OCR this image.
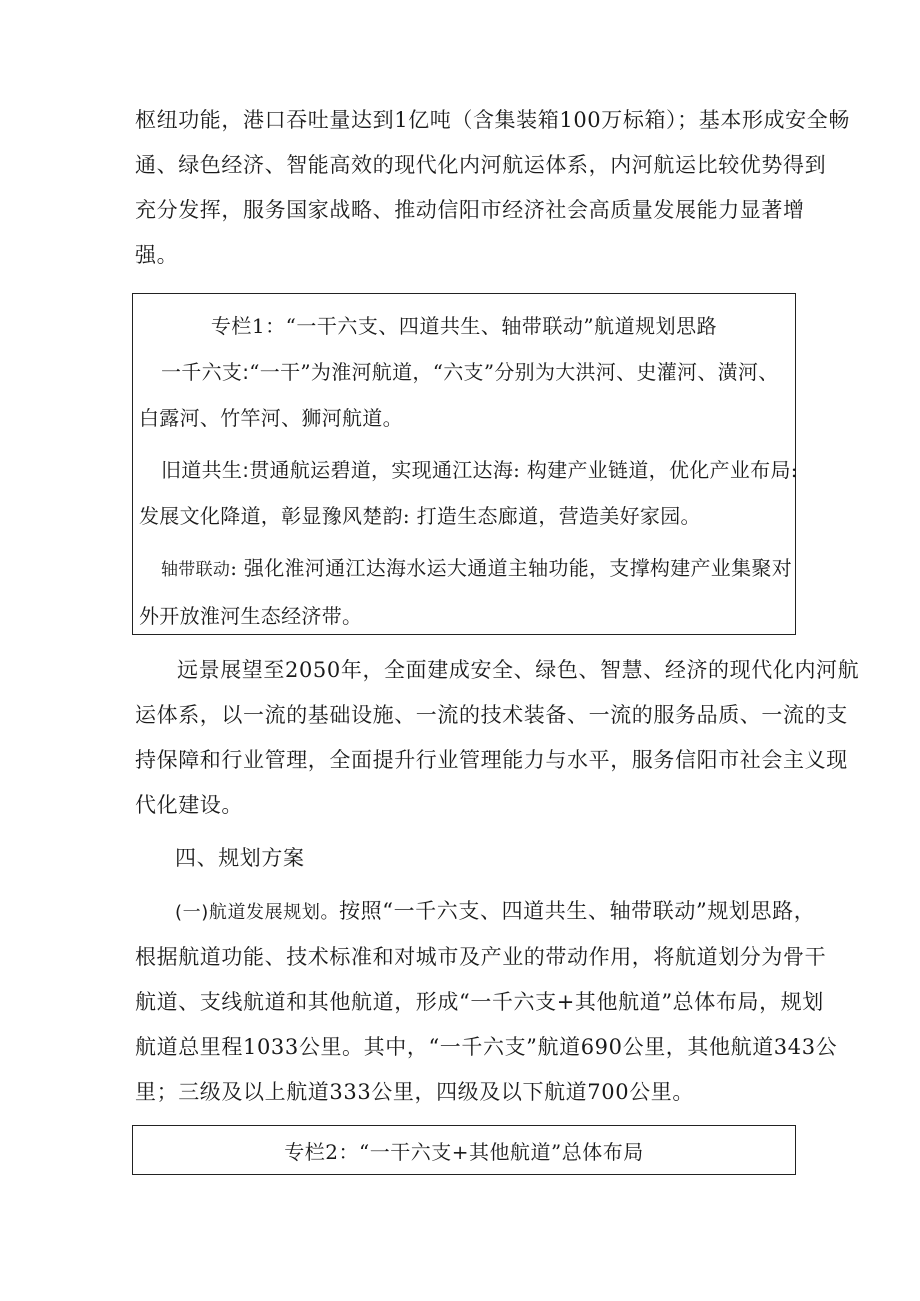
枢纽功能，港口吞吐量达到1亿吨（含集装箱100万标箱）；基本形成安全畅
通、绿色经济、智能高效的现代化内河航运体系，内河航运比较优势得到
充分发挥，服务国家战略、推动信阳市经济社会高质量发展能力显著增
强。
专栏1：“一干六支、四道共生、轴带联动”航道规划思路
一千六支:“一干”为淮河航道，“六支”分别为大洪河、史灌河、潢河、
白露河、竹竿河、狮河航道。
旧道共生:贯通航运碧道，实现通江达海: 构建产业链道，优化产业布局:
发展文化降道，彰显豫风楚韵: 打造生态廊道，营造美好家园。
轴带联动: 强化淮河通江达海水运大通道主轴功能，支撑构建产业集聚对
外开放淮河生态经济带。
远景展望至2050年，全面建成安全、绿色、智慧、经济的现代化内河航
运体系，以一流的基础设施、一流的技术装备、一流的服务品质、一流的支
持保障和行业管理，全面提升行业管理能力与水平，服务信阳市社会主义现
代化建设。
四、规划方案
(一)航道发展规划。按照“一千六支、四道共生、轴带联动”规划思路，
根据航道功能、技术标准和对城市及产业的带动作用，将航道划分为骨干
航道、支线航道和其他航道，形成“一千六支+其他航道”总体布局，规划
航道总里程1033公里。其中，“一千六支”航道690公里，其他航道343公
里；三级及以上航道333公里，四级及以下航道700公里。
专栏2：“一干六支+其他航道”总体布局
